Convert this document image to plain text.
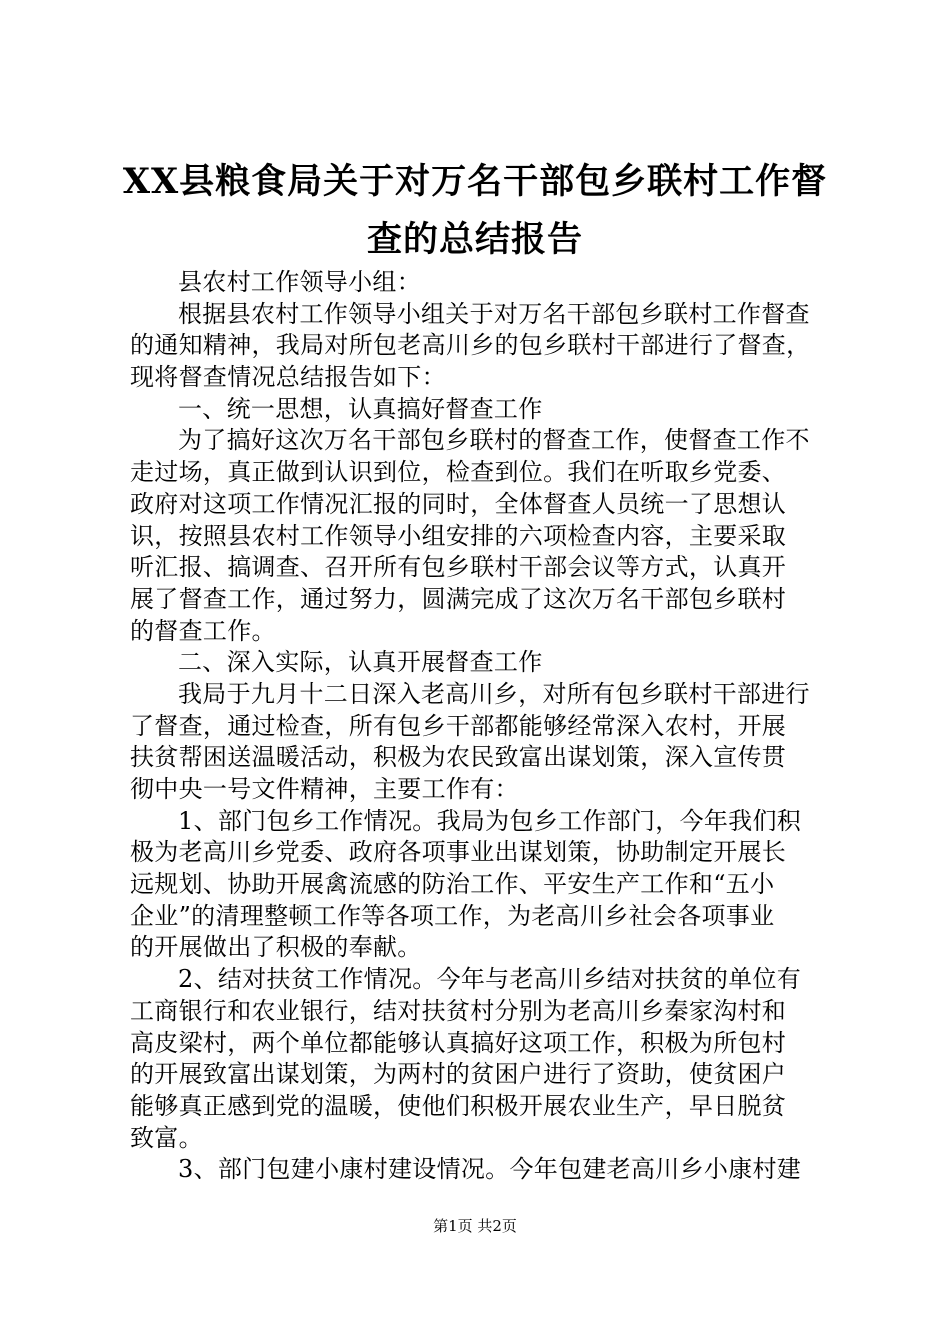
XX县粮食局关于对万名干部包乡联村工作督
查的总结报告
县农村工作领导小组：
根据县农村工作领导小组关于对万名干部包乡联村工作督查
的通知精神，我局对所包老高川乡的包乡联村干部进行了督查，
现将督查情况总结报告如下：
一、统一思想，认真搞好督查工作
为了搞好这次万名干部包乡联村的督查工作，使督查工作不
走过场，真正做到认识到位，检查到位。我们在听取乡党委、
政府对这项工作情况汇报的同时，全体督查人员统一了思想认
识，按照县农村工作领导小组安排的六项检查内容，主要采取
听汇报、搞调查、召开所有包乡联村干部会议等方式，认真开
展了督查工作，通过努力，圆满完成了这次万名干部包乡联村
的督查工作。
二、深入实际，认真开展督查工作
我局于九月十二日深入老高川乡，对所有包乡联村干部进行
了督查，通过检查，所有包乡干部都能够经常深入农村，开展
扶贫帮困送温暖活动，积极为农民致富出谋划策，深入宣传贯
彻中央一号文件精神，主要工作有：
1、部门包乡工作情况。我局为包乡工作部门，今年我们积
极为老高川乡党委、政府各项事业出谋划策，协助制定开展长
远规划、协助开展禽流感的防治工作、平安生产工作和“五小
企业”的清理整顿工作等各项工作，为老高川乡社会各项事业
的开展做出了积极的奉献。
2、结对扶贫工作情况。今年与老高川乡结对扶贫的单位有
工商银行和农业银行，结对扶贫村分别为老高川乡秦家沟村和
高皮梁村，两个单位都能够认真搞好这项工作，积极为所包村
的开展致富出谋划策，为两村的贫困户进行了资助，使贫困户
能够真正感到党的温暖，使他们积极开展农业生产，早日脱贫
致富。
3、部门包建小康村建设情况。今年包建老高川乡小康村建
第1页 共2页
